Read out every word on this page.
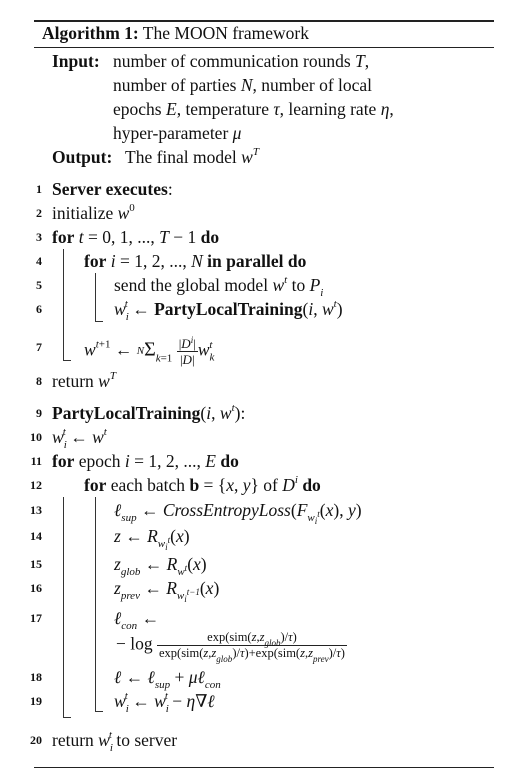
Algorithm 1: The MOON framework
Input: number of communication rounds T,
number of parties N, number of local
epochs E, temperature τ, learning rate η,
hyper-parameter μ
Output: The final model $w^T$
1
2
3
4
5
6
7
8
9
10
11
12
13
14
15
16
17
18
19
20
Server executes:
initialize $w^0$
for t = 0, 1, ..., T − 1 do
for i = 1, 2, ..., N in parallel do
send the global model $w^t$ to $P_i$
$w_i^t$ ← PartyLocalTraining(i, $w^t$)
$w^{t+1}$ ← N $\Sigma_{k=1} \frac{|D^i|}{|D|} w_k^t$
return $w^T$
PartyLocalTraining(i, $w^t$):
$w_i^t$ ← $w^t$
for epoch i = 1, 2, ..., E do
for each batch b = {x, y} of $D^i$ do
ℓ$_{sup}$ ← $CrossEntropyLoss(F_{w_i^t}(x)$, y)
z ← $R_{w_i^t}(x)$
$z_{glob}$ ← $R_{w^t}(x)$
$z_{prev}$ ← $R_{w_i^{t-1}}(x)$
ℓ$_{con}$ ←
− $\log \frac{\exp(sim(z,z_{glob})/\tau)}{\exp(sim(z,z_{glob})/\tau)+\exp(sim(z,z_{prev})/\tau)}$
ℓ ← ℓ$_{sup}$ + μℓ$_{con}$
$w_i^t$ ← $w_i^t$ − η∇ℓ
return $w_i^t$ to server
